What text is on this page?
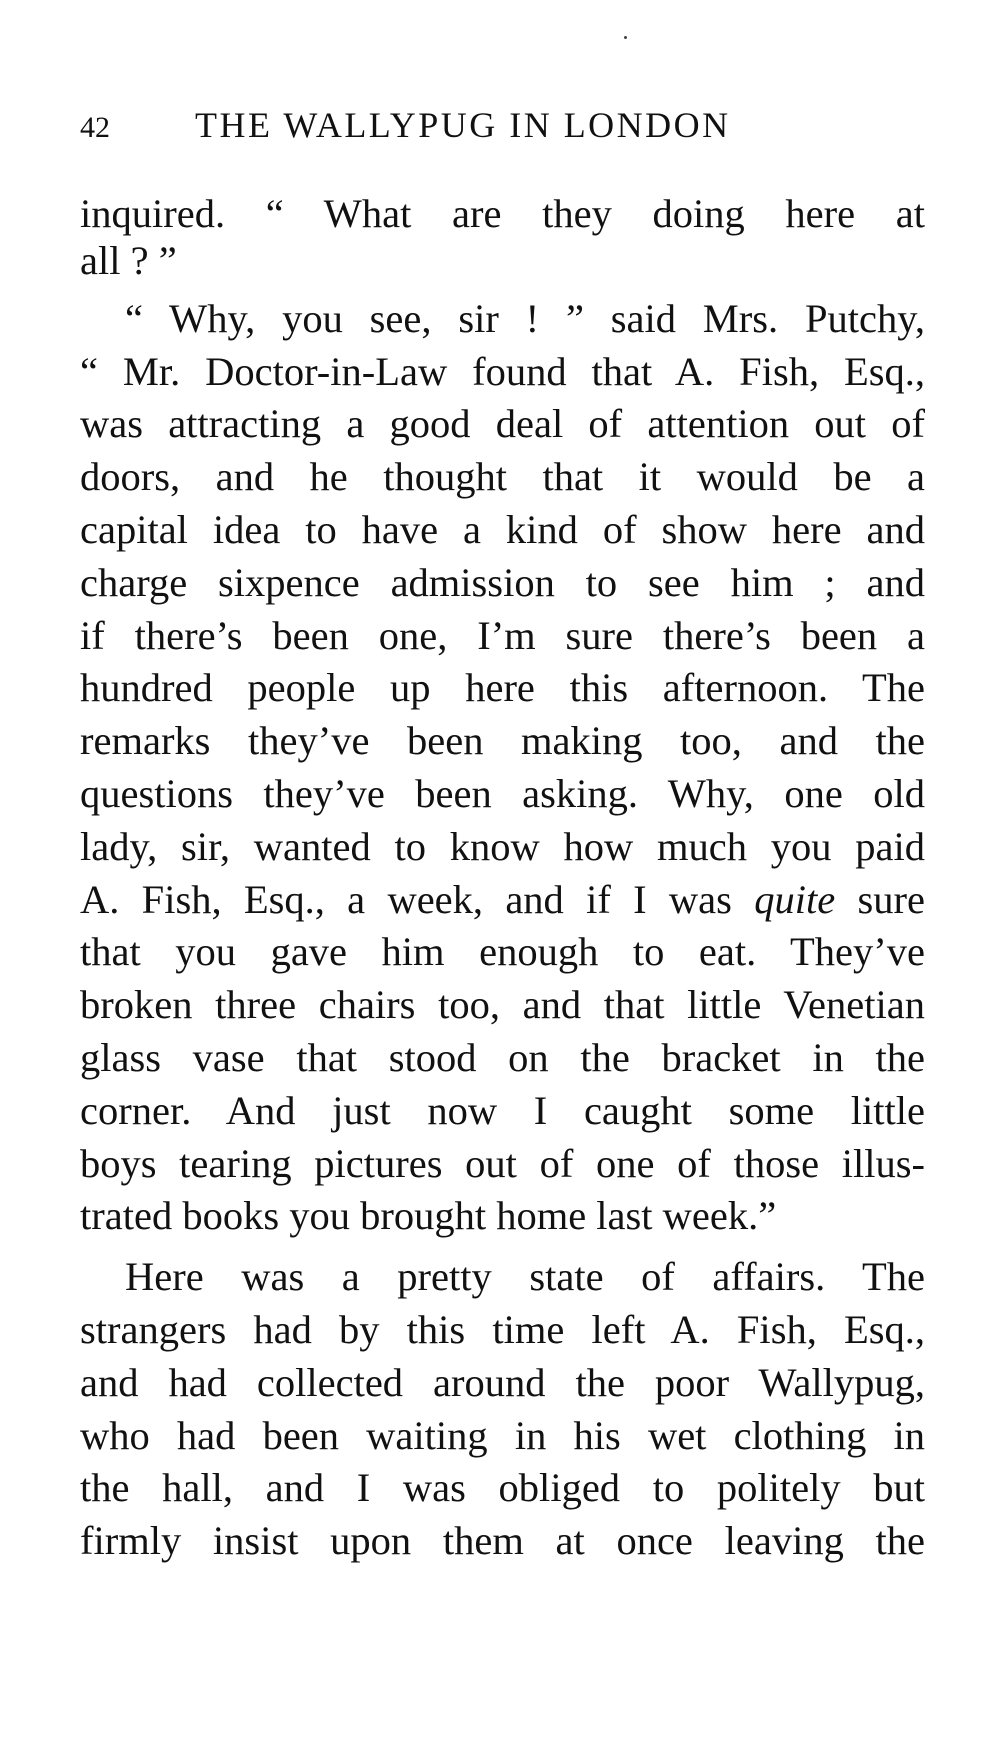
42 THE WALLYPUG IN LONDON
inquired. “ What are they doing here at
all ? ”
“ Why, you see, sir ! ” said Mrs. Putchy,
“ Mr. Doctor-in-Law found that A. Fish, Esq.,
was attracting a good deal of attention out of
doors, and he thought that it would be a
capital idea to have a kind of show here and
charge sixpence admission to see him ; and
if there’s been one, I’m sure there’s been a
hundred people up here this afternoon. The
remarks they’ve been making too, and the
questions they’ve been asking. Why, one old
lady, sir, wanted to know how much you paid
A. Fish, Esq., a week, and if I was quite sure
that you gave him enough to eat. They’ve
broken three chairs too, and that little Venetian
glass vase that stood on the bracket in the
corner. And just now I caught some little
boys tearing pictures out of one of those illus-
trated books you brought home last week.”
Here was a pretty state of affairs. The
strangers had by this time left A. Fish, Esq.,
and had collected around the poor Wallypug,
who had been waiting in his wet clothing in
the hall, and I was obliged to politely but
firmly insist upon them at once leaving the
